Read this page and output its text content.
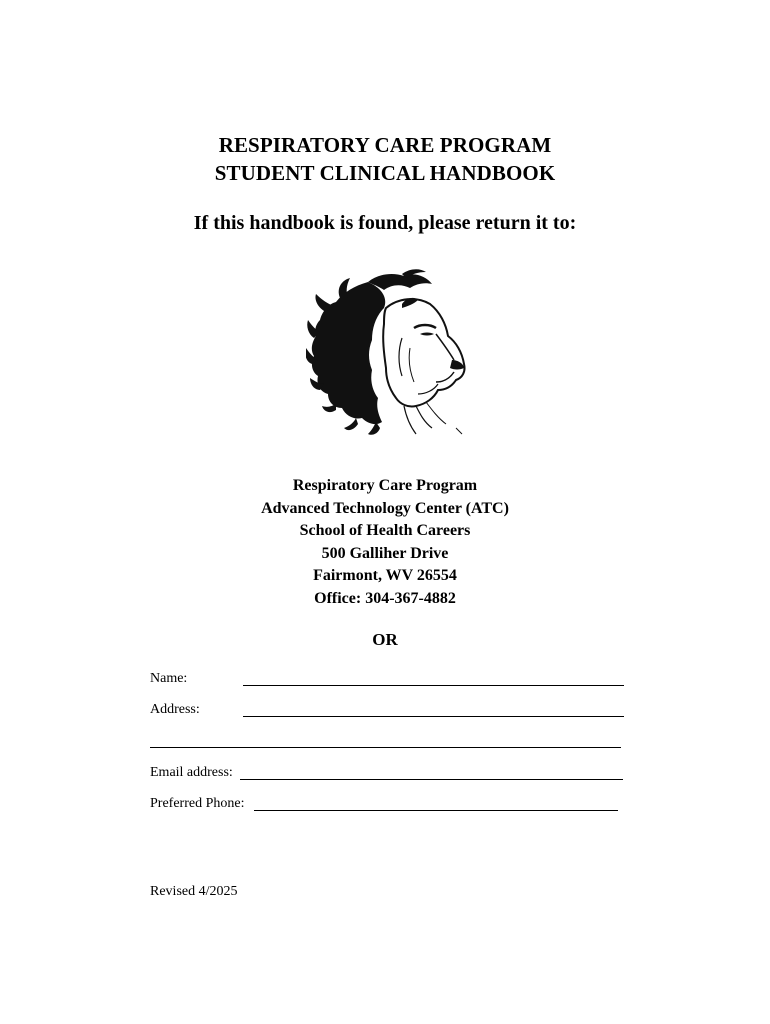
RESPIRATORY CARE PROGRAM
STUDENT CLINICAL HANDBOOK
If this handbook is found, please return it to:
Respiratory Care Program
Advanced Technology Center (ATC)
School of Health Careers
500 Galliher Drive
Fairmont, WV 26554
Office: 304-367-4882
OR
Name:
Address:
Email address:
Preferred Phone:
Revised 4/2025
